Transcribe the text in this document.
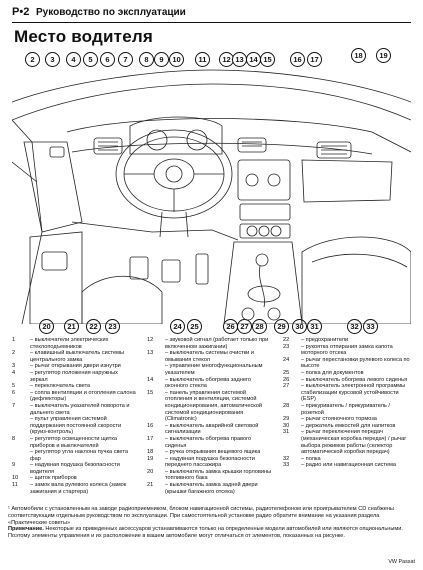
P•2 Руководство по эксплуатации
Место водителя
2	3	4	5	6	7	8	9	10	11	12 13 14 15	16	17	18	19
20	21	22	23	24	25	26 27 28	29	30 31	32	33
1	– выключатели электрических стеклоподъемников
2	– клавишный выключатель системы центрального замка
3	– рычаг открывания двери изнутри
4	– регулятор положения наружных зеркал
5	– переключатель света
6	– сопла вентиляции и отопления салона (дефлекторы)
7	– выключатель указателей поворота и дальнего света
– пульт управления системой поддержания постоянной скорости (круиз-контроль)
8	– регулятор освещенности щитка приборов и выключателей
– регулятор угла наклона пучка света фар
9	– надувная подушка безопасности водителя
10	– щиток приборов
11	– замок вала рулевого колеса (замок зажигания и стартера)
12	– звуковой сигнал (работает только при включенном зажигании)
13	– выключатель системы очистки и омывания стекол
– управление многофункциональным указателем
14	– выключатель обогрева заднего оконного стекла
15	– панель управления системой отопления и вентиляции, системой кондиционирования, автоматической системой кондиционирования (Climatronic)
16	– выключатель аварийной световой сигнализации
17	– выключатель обогрева правого сиденья
18	– ручка открывания вещевого ящика
19	– надувная подушка безопасности переднего пассажира
20	– выключатель замка крышки горловины топливного бака
21	– выключатель замка задней двери (крышки багажного отсека)
22	– предохранители
23	– рукоятка отпирания замка капота моторного отсека
24	– рычаг перестановки рулевого колеса по высоте
25	– полка для документов
26	– выключатель обогрева левого сиденья
27	– выключатель электронной программы стабилизации курсовой устойчивости (ESP)
28	– прикуриватель / прикуриватель / розеткой
29	– рычаг стояночного тормоза
30	– держатель емкостей для напитков
31	– рычаг переключения передач (механическая коробка передач) / рычаг выбора режимов работы (селектор автоматической коробки передач)
32	– полка
33	– радио или навигационная система

¹ Автомобили с установленным на заводе радиоприемником, блоком навигационной системы, радиотелефоном или проигрывателем CD снабжены соответствующим отдельным руководством по эксплуатации. При самостоятельной установке радио обратите внимание на указания раздела «Практические советы»

Примечание. Некоторые из приведенных аксессуаров устанавливаются только на определенные модели автомобилей или являются опциональными. Поэтому элементы управления и их расположение в вашем автомобиле могут отличаться от элементов, показанных на рисунке.

VW Passat
